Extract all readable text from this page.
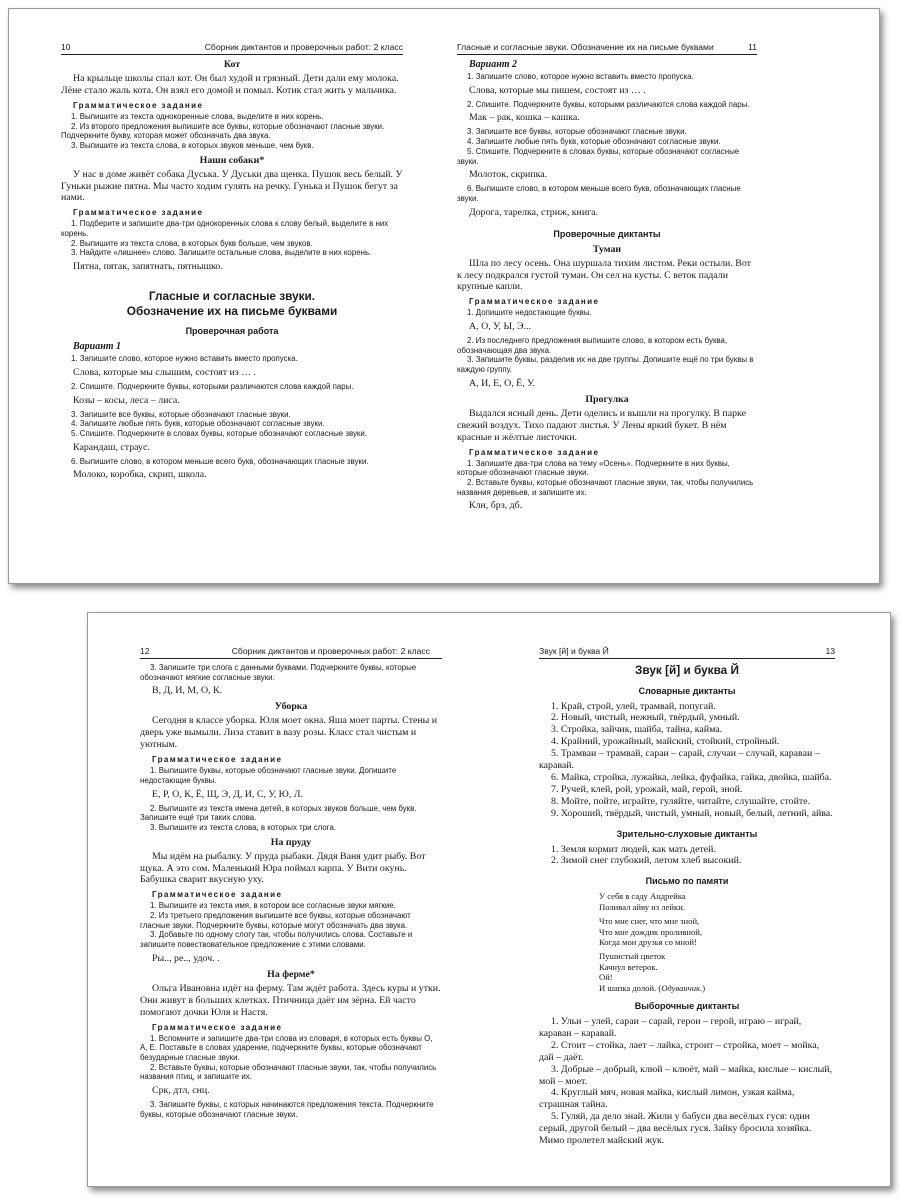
10	Сборник диктантов и проверочных работ: 2 класс

Кот

На крыльце школы спал кот. Он был худой и грязный. Дети дали ему молока. Лёне стало жаль кота. Он взял его домой и помыл. Котик стал жить у мальчика.

Грамматическое задание

1. Выпишите из текста однокоренные слова, выделите в них корень.

2. Из второго предложения выпишите все буквы, которые обозначают гласные звуки. Подчеркните букву, которая может обозначать два звука.

3. Выпишите из текста слова, в которых звуков меньше, чем букв.

Наши собаки*

У нас в доме живёт собака Дуська. У Дуськи два щенка. Пушок весь белый. У Гуньки рыжие пятна. Мы часто ходим гулять на речку. Гунька и Пушок бегут за нами.

Грамматическое задание

1. Подберите и запишите два-три однокоренных слова к слову белый, выделите в них корень.

2. Выпишите из текста слова, в которых букв больше, чем звуков.

3. Найдите «лишнее» слово. Запишите остальные слова, выделите в них корень.

Пятна, пятак, запятнать, пятнышко.

Гласные и согласные звуки.
Обозначение их на письме буквами

Проверочная работа

Вариант 1

1. Запишите слово, которое нужно вставить вместо пропуска.

Слова, которые мы слышим, состоят из … .

2. Спишите. Подчеркните буквы, которыми различаются слова каждой пары.

Козы – косы, леса – лиса.

3. Запишите все буквы, которые обозначают гласные звуки.

4. Запишите любые пять букв, которые обозначают согласные звуки.

5. Спишите. Подчеркните в словах буквы, которые обозначают согласные звуки.

Карандаш, страус.

6. Выпишите слово, в котором меньше всего букв, обозначающих гласные звуки.

Молоко, коробка, скрип, школа.

Гласные и согласные звуки. Обозначение их на письме буквами	11

Вариант 2

1. Запишите слово, которое нужно вставить вместо пропуска.

Слова, которые мы пишем, состоят из … .

2. Спишите. Подчеркните буквы, которыми различаются слова каждой пары.

Мак – рак, кошка – кашка.

3. Запишите все буквы, которые обозначают гласные звуки.

4. Запишите любые пять букв, которые обозначают согласные звуки.

5. Спишите. Подчеркните в словах буквы, которые обозначают согласные звуки.

Молоток, скрипка.

6. Выпишите слово, в котором меньше всего букв, обозначающих гласные звуки.

Дорога, тарелка, стриж, книга.

Проверочные диктанты

Туман

Шла по лесу осень. Она шуршала тихим листом. Реки остыли. Вот к лесу подкрался густой туман. Он сел на кусты. С веток падали крупные капли.

Грамматическое задание

1. Допишите недостающие буквы.

А, О, У, Ы, Э...

2. Из последнего предложения выпишите слово, в котором есть буква, обозначающая два звука.

3. Запишите буквы, разделив их на две группы. Допишите ещё по три буквы в каждую группу.

А, И, Е, О, Ё, У.

Прогулка

Выдался ясный день. Дети оделись и вышли на прогулку. В парке свежий воздух. Тихо падают листья. У Лены яркий букет. В нём красные и жёлтые листочки.

Грамматическое задание

1. Запишите два-три слова на тему «Осень». Подчеркните в них буквы, которые обозначают гласные звуки.

2. Вставьте буквы, которые обозначают гласные звуки, так, чтобы получились названия деревьев, и запишите их.

Клн, брз, дб.

12	Сборник диктантов и проверочных работ: 2 класс

3. Запишите три слога с данными буквами. Подчеркните буквы, которые обозначают мягкие согласные звуки.

В, Д, И, М, О, К.

Уборка

Сегодня в классе уборка. Юля моет окна. Яша моет парты. Стены и дверь уже вымыли. Лиза ставит в вазу розы. Класс стал чистым и уютным.

Грамматическое задание

1. Выпишите буквы, которые обозначают гласные звуки. Допишите недостающие буквы.

Е, Р, О, К, Ё, Щ, Э, Д, И, С, У, Ю, Л.

2. Выпишите из текста имена детей, в которых звуков больше, чем букв. Запишите ещё три таких слова.

3. Выпишите из текста слова, в которых три слога.

На пруду

Мы идём на рыбалку. У пруда рыбаки. Дядя Ваня удит рыбу. Вот щука. А это сом. Маленький Юра поймал карпа. У Вити окунь. Бабушка сварит вкусную уху.

Грамматическое задание

1. Выпишите из текста имя, в котором все согласные звуки мягкие.

2. Из третьего предложения выпишите все буквы, которые обозначают гласные звуки. Подчеркните буквы, которые могут обозначать два звука.

3. Добавьте по одному слогу так, чтобы получились слова. Составьте и запишите повествовательное предложение с этими словами.

Ры.., ре.., удоч. .

На ферме*

Ольга Ивановна идёт на ферму. Там ждёт работа. Здесь куры и утки. Они живут в больших клетках. Птичница даёт им зёрна. Ей часто помогают дочки Юля и Настя.

Грамматическое задание

1. Вспомните и запишите два-три слова из словаря, в которых есть буквы О, А, Е. Поставьте в словах ударение, подчеркните буквы, которые обозначают безударные гласные звуки.

2. Вставьте буквы, которые обозначают гласные звуки, так, чтобы получились названия птиц, и запишите их.

Срк, дтл, снц.

3. Запишите буквы, с которых начинаются предложения текста. Подчеркните буквы, которые обозначают гласные звуки.

Звук [й] и буква Й	13

Звук [й] и буква Й

Словарные диктанты

1. Край, строй, улей, трамвай, попугай.

2. Новый, чистый, нежный, твёрдый, умный.

3. Стройка, зайчик, шайба, тайна, кайма.

4. Крайний, урожайный, майский, стойкий, стройный.

5. Трамваи – трамвай, сараи – сарай, случаи – случай, караваи – каравай.

6. Майка, стройка, лужайка, лейка, фуфайка, гайка, двойка, шайба.

7. Ручей, клей, рой, урожай, май, герой, зной.

8. Мойте, пойте, играйте, гуляйте, читайте, слушайте, стойте.

9. Хороший, твёрдый, чистый, умный, новый, белый, летний, айва.

Зрительно-слуховые диктанты

1. Земля кормит людей, как мать детей.

2. Зимой снег глубокий, летом хлеб высокий.

Письмо по памяти

У себя в саду Андрейка
Поливал айву из лейки.
Что мне снег, что мне зной,
Что мне дождик проливной,
Когда мои друзья со мной!
Пушистый цветок
Качнул ветерок.
Ой!
И шапка долой. (Одуванчик.)

Выборочные диктанты

1. Ульи – улей, сараи – сарай, герои – герой, играю – играй, караваи – каравай.

2. Стоит – стойка, лает – лайка, строит – стройка, моет – мойка, дай – даёт.

3. Добрые – добрый, клюй – клюёт, май – майка, кислые – кислый, мой – моет.

4. Круглый мяч, новая майка, кислый лимон, узкая кайма, страшная тайна.

5. Гуляй, да дело знай. Жили у бабуси два весёлых гуся: один серый, другой белый – два весёлых гуся. Зайку бросила хозяйка. Мимо пролетел майский жук.
